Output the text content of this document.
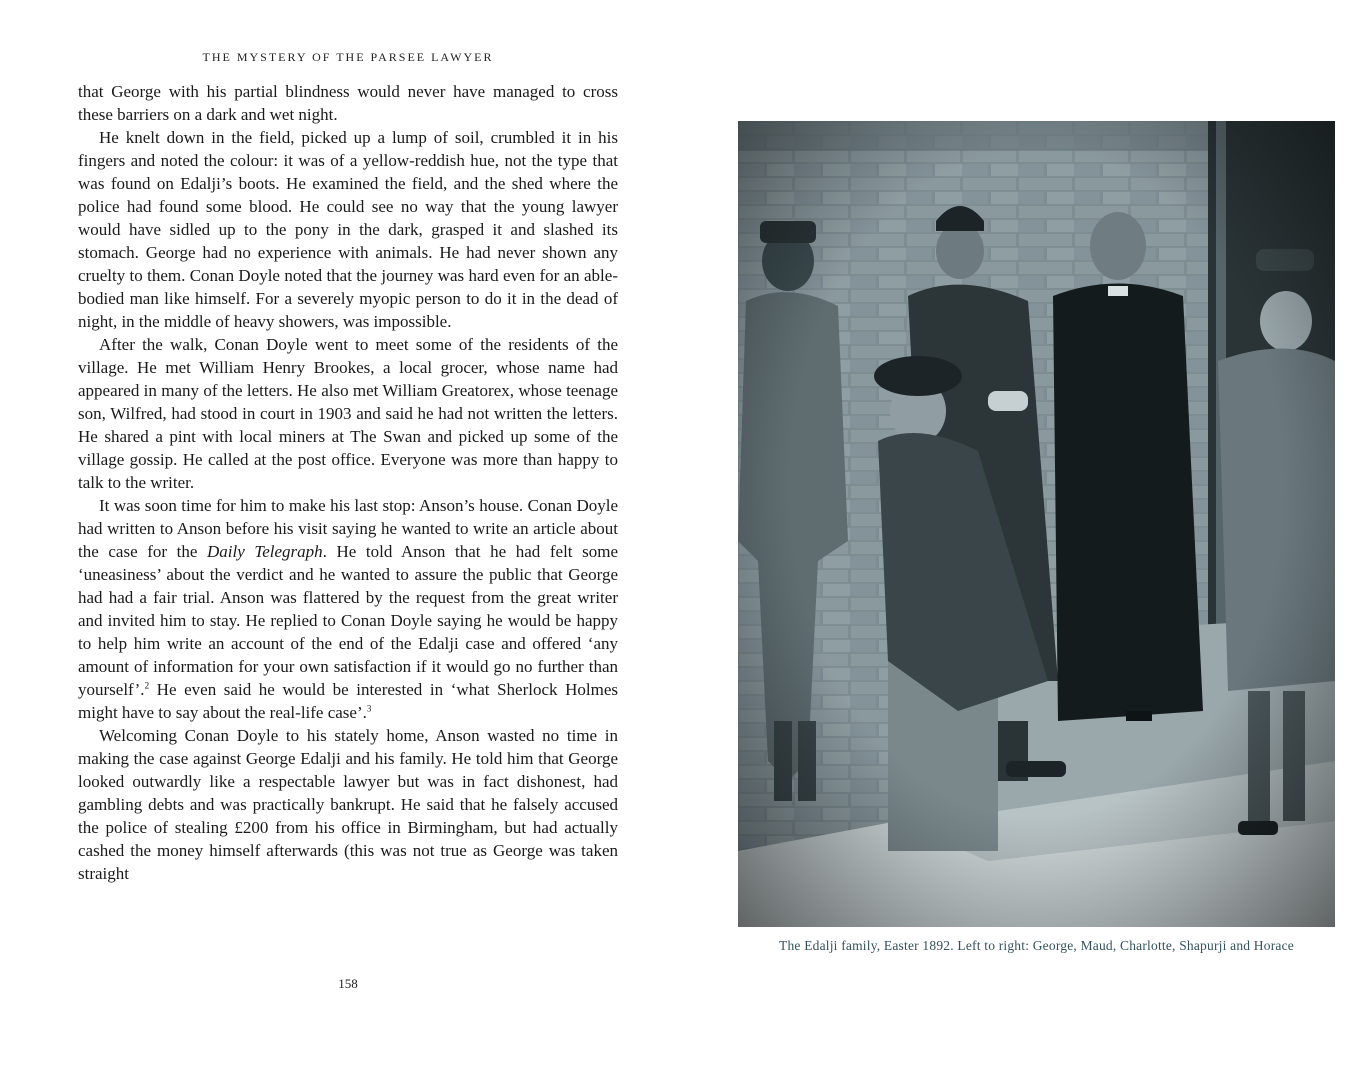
THE MYSTERY OF THE PARSEE LAWYER

that George with his partial blindness would never have managed to cross these barriers on a dark and wet night.

He knelt down in the field, picked up a lump of soil, crumbled it in his fingers and noted the colour: it was of a yellow-reddish hue, not the type that was found on Edalji’s boots. He examined the field, and the shed where the police had found some blood. He could see no way that the young lawyer would have sidled up to the pony in the dark, grasped it and slashed its stomach. George had no experience with animals. He had never shown any cruelty to them. Conan Doyle noted that the journey was hard even for an able-bodied man like himself. For a severely myopic person to do it in the dead of night, in the middle of heavy showers, was impossible.

After the walk, Conan Doyle went to meet some of the residents of the village. He met William Henry Brookes, a local grocer, whose name had appeared in many of the letters. He also met William Greatorex, whose teenage son, Wilfred, had stood in court in 1903 and said he had not written the letters. He shared a pint with local miners at The Swan and picked up some of the village gossip. He called at the post office. Everyone was more than happy to talk to the writer.

It was soon time for him to make his last stop: Anson’s house. Conan Doyle had written to Anson before his visit saying he wanted to write an article about the case for the Daily Telegraph. He told Anson that he had felt some ‘uneasiness’ about the verdict and he wanted to assure the public that George had had a fair trial. Anson was flattered by the request from the great writer and invited him to stay. He replied to Conan Doyle saying he would be happy to help him write an account of the end of the Edalji case and offered ‘any amount of information for your own satisfaction if it would go no further than yourself’.$^2$ He even said he would be interested in ‘what Sherlock Holmes might have to say about the real-life case’.$^3$

Welcoming Conan Doyle to his stately home, Anson wasted no time in making the case against George Edalji and his family. He told him that George looked outwardly like a respectable lawyer but was in fact dishonest, had gambling debts and was practically bankrupt. He said that he falsely accused the police of stealing £200 from his office in Birmingham, but had actually cashed the money himself afterwards (this was not true as George was taken straight

158
The Edalji family, Easter 1892. Left to right: George, Maud, Charlotte, Shapurji and Horace
